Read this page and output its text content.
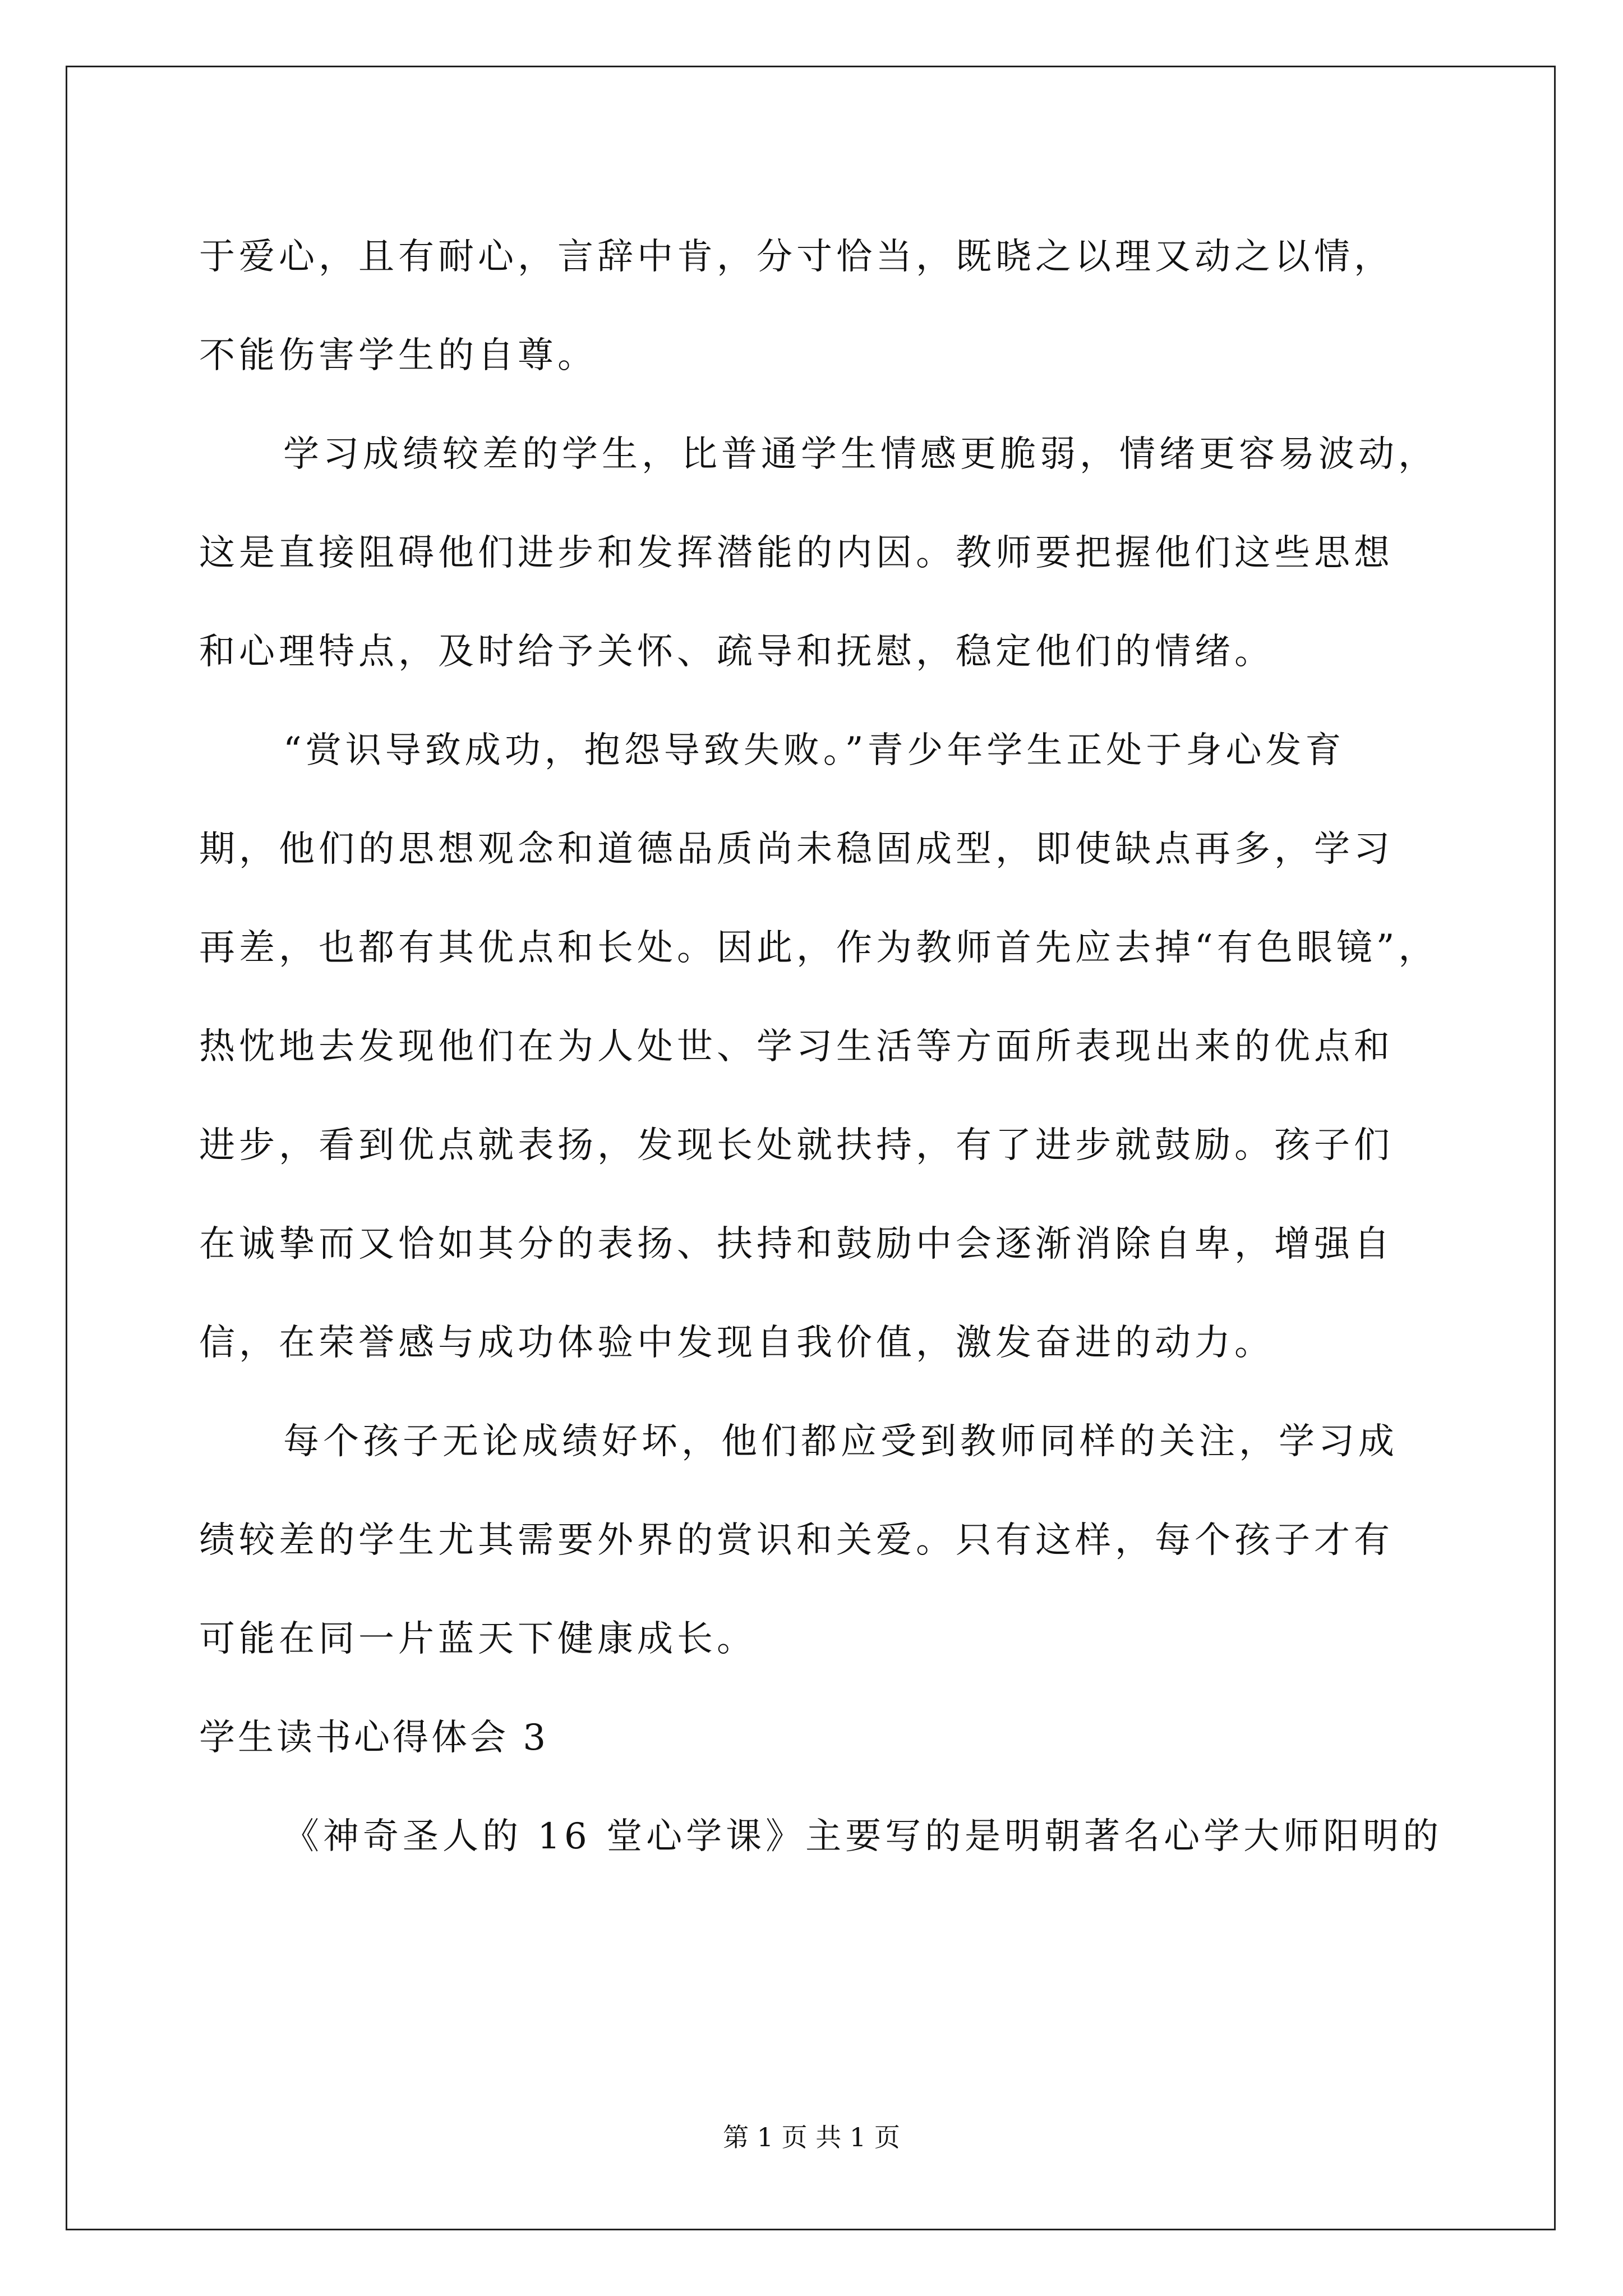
于爱心，且有耐心，言辞中肯，分寸恰当，既晓之以理又动之以情，
不能伤害学生的自尊。
学习成绩较差的学生，比普通学生情感更脆弱，情绪更容易波动，
这是直接阻碍他们进步和发挥潜能的内因。教师要把握他们这些思想
和心理特点，及时给予关怀、疏导和抚慰，稳定他们的情绪。
“赏识导致成功，抱怨导致失败。”青少年学生正处于身心发育
期，他们的思想观念和道德品质尚未稳固成型，即使缺点再多，学习
再差，也都有其优点和长处。因此，作为教师首先应去掉“有色眼镜”，
热忱地去发现他们在为人处世、学习生活等方面所表现出来的优点和
进步，看到优点就表扬，发现长处就扶持，有了进步就鼓励。孩子们
在诚挚而又恰如其分的表扬、扶持和鼓励中会逐渐消除自卑，增强自
信，在荣誉感与成功体验中发现自我价值，激发奋进的动力。
每个孩子无论成绩好坏，他们都应受到教师同样的关注，学习成
绩较差的学生尤其需要外界的赏识和关爱。只有这样，每个孩子才有
可能在同一片蓝天下健康成长。
学生读书心得体会 3
《神奇圣人的 16 堂心学课》主要写的是明朝著名心学大师阳明的
第 1 页 共 1 页
